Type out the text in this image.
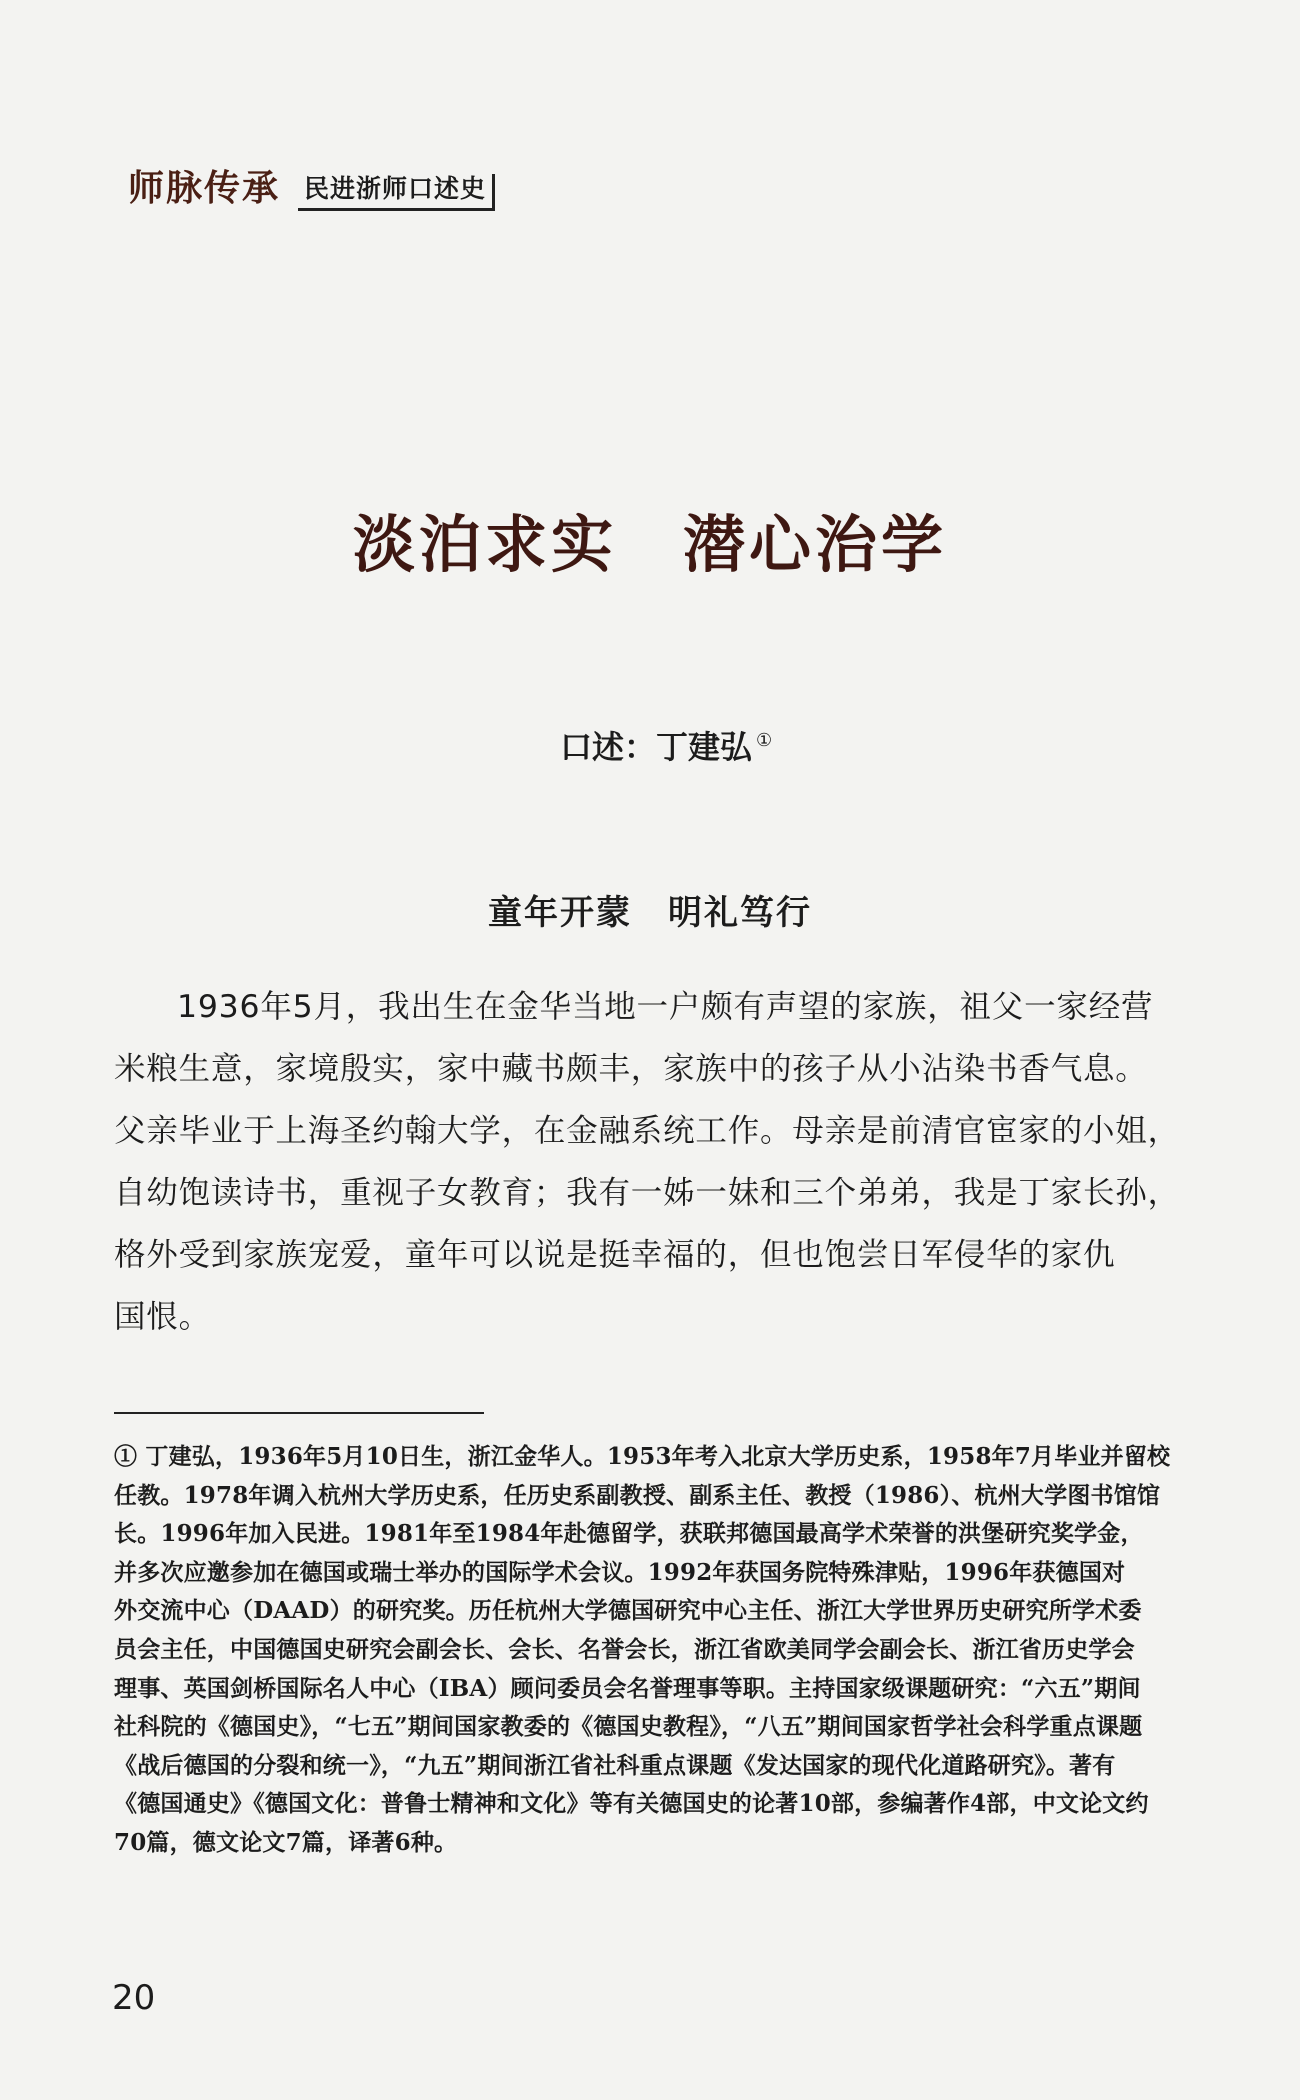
师脉传承 民进浙师口述史
淡泊求实　潜心治学
口述：丁建弘 ①
童年开蒙　明礼笃行
1936年5月，我出生在金华当地一户颇有声望的家族，祖父一家经营
米粮生意，家境殷实，家中藏书颇丰，家族中的孩子从小沾染书香气息。
父亲毕业于上海圣约翰大学，在金融系统工作。母亲是前清官宦家的小姐，
自幼饱读诗书，重视子女教育；我有一姊一妹和三个弟弟，我是丁家长孙，
格外受到家族宠爱，童年可以说是挺幸福的，但也饱尝日军侵华的家仇
国恨。
① 丁建弘，1936年5月10日生，浙江金华人。1953年考入北京大学历史系，1958年7月毕业并留校
任教。1978年调入杭州大学历史系，任历史系副教授、副系主任、教授（1986）、杭州大学图书馆馆
长。1996年加入民进。1981年至1984年赴德留学，获联邦德国最高学术荣誉的洪堡研究奖学金，
并多次应邀参加在德国或瑞士举办的国际学术会议。1992年获国务院特殊津贴，1996年获德国对
外交流中心（DAAD）的研究奖。历任杭州大学德国研究中心主任、浙江大学世界历史研究所学术委
员会主任，中国德国史研究会副会长、会长、名誉会长，浙江省欧美同学会副会长、浙江省历史学会
理事、英国剑桥国际名人中心（IBA）顾问委员会名誉理事等职。主持国家级课题研究：“六五”期间
社科院的《德国史》，“七五”期间国家教委的《德国史教程》，“八五”期间国家哲学社会科学重点课题
《战后德国的分裂和统一》，“九五”期间浙江省社科重点课题《发达国家的现代化道路研究》。著有
《德国通史》《德国文化：普鲁士精神和文化》等有关德国史的论著10部，参编著作4部，中文论文约
70篇，德文论文7篇，译著6种。
20
